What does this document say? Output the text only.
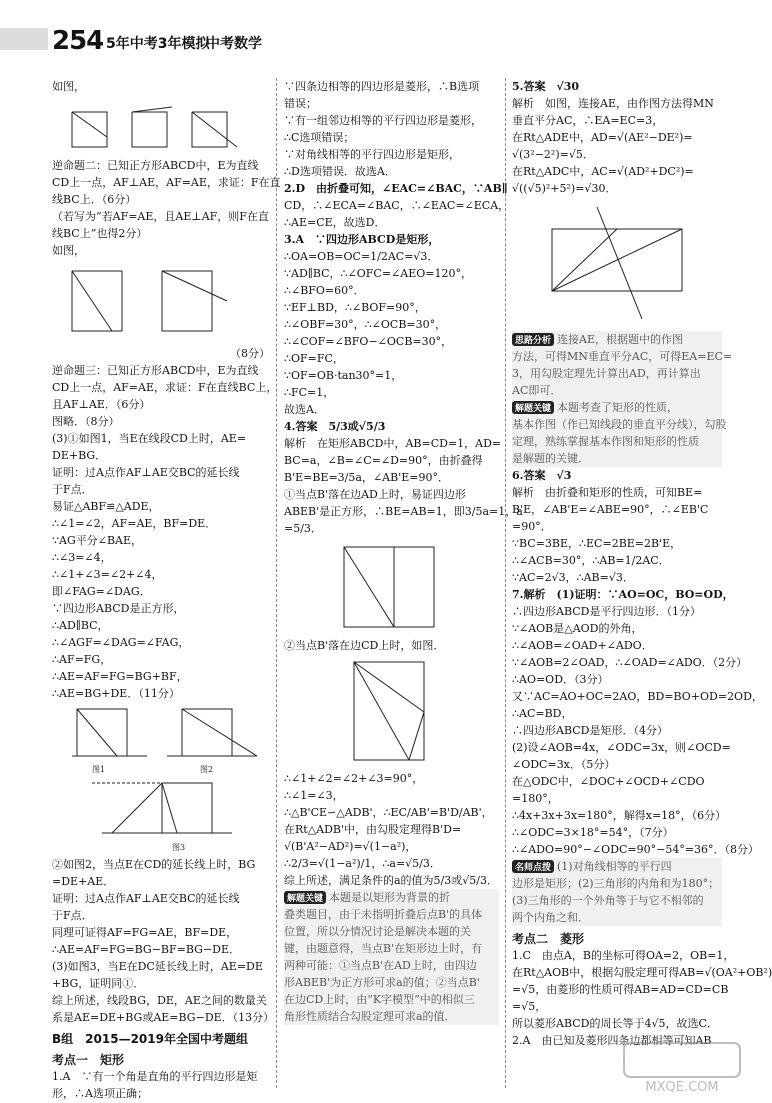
254 5年中考3年模拟
中考数学
如图，
逆命题二：已知正方形ABCD中，E为直线
CD上一点，AF⊥AE，AF=AE，求证：F在直
线BC上．（6分）
（若写为“若AF=AE，且AE⊥AF，则F在直
线BC上”也得2分）
如图，
（8分）
逆命题三：已知正方形ABCD中，E为直线
CD上一点，AF=AE，求证：F在直线BC上，
且AF⊥AE．（6分）
图略．（8分）
(3)①如图1，当E在线段CD上时，AE=
DE+BG．
证明：过A点作AF⊥AE交BC的延长线
于F点．
易证△ABF≌△ADE，
∴∠1=∠2，AF=AE，BF=DE．
∵AG平分∠BAE，
∴∠3=∠4，
∴∠1+∠3=∠2+∠4，
即∠FAG=∠DAG．
∵四边形ABCD是正方形，
∴AD∥BC，
∴∠AGF=∠DAG=∠FAG，
∴AF=FG，
∴AE=AF=FG=BG+BF，
∴AE=BG+DE．（11分）
图1	图2
图3
②如图2，当点E在CD的延长线上时，BG
=DE+AE．
证明：过A点作AF⊥AE交BC的延长线
于F点．
同理可证得AF=FG=AE，BF=DE，
∴AE=AF=FG=BG−BF=BG−DE．
(3)如图3，当E在DC延长线上时，AE=DE
+BG，证明同①．
综上所述，线段BG，DE，AE之间的数量关
系是AE=DE+BG或AE=BG−DE．（13分）
B组　 2015—2019年全国中考题组
考点一　 矩形
1.A　∵有一个角是直角的平行四边形是矩
形，∴A选项正确；
∵四条边相等的四边形是菱形，∴B选项
错误；
∵有一组邻边相等的平行四边形是菱形，
∴C选项错误；
∵对角线相等的平行四边形是矩形，
∴D选项错误．故选A．
2.D　由折叠可知，∠EAC=∠BAC，∵AB∥
CD，∴∠ECA=∠BAC，∴∠EAC=∠ECA，
∴AE=CE，故选D．
3.A　∵四边形ABCD是矩形，
∴OA=OB=OC=1/2AC=√3．
∵AD∥BC，∴∠OFC=∠AEO=120°，
∴∠BFO=60°．
∵EF⊥BD，∴∠BOF=90°，
∴∠OBF=30°，∴∠OCB=30°，
∴∠COF=∠BFO−∠OCB=30°，
∴OF=FC，
∵OF=OB·tan30°=1，
∴FC=1，
故选A．
4.答案　5/3或√5/3
解析　在矩形ABCD中，AB=CD=1，AD=
BC=a，∠B=∠C=∠D=90°，由折叠得
B'E=BE=3/5a，∠AB'E=90°．
①当点B'落在边AD上时，易证四边形
ABEB'是正方形，∴BE=AB=1，即3/5a=1，a
=5/3．
②当点B'落在边CD上时，如图．
∴∠1+∠2=∠2+∠3=90°，
∴∠1=∠3，
∴△B'CE∽△ADB'，∴EC/AB'=B'D/AB'，
在Rt△ADB'中，由勾股定理得B'D=
√(B'A²−AD²)=√(1−a²)，
∴2/3=√(1−a²)/1，∴a=√5/3．
综上所述，满足条件的a的值为5/3或√5/3．
解题关键 本题是以矩形为背景的折
叠类题目，由于未指明折叠后点B'的具体
位置，所以分情况讨论是解决本题的关
键，由题意得，当点B'在矩形边上时，有
两种可能：①当点B'在AD上时，由四边
形ABEB'为正方形可求a的值；②当点B'
在边CD上时，由“K字模型”中的相似三
角形性质结合勾股定理可求a的值．
5.答案　√30
解析　如图，连接AE，由作图方法得MN
垂直平分AC，∴EA=EC=3，
在Rt△ADE中，AD=√(AE²−DE²)=
√(3²−2²)=√5．
在Rt△ADC中，AC=√(AD²+DC²)=
√((√5)²+5²)=√30．
思路分析 连接AE，根据题中的作图
方法，可得MN垂直平分AC，可得EA=EC=
3，用勾股定理先计算出AD，再计算出
AC即可．
解题关键 本题考查了矩形的性质，
基本作图（作已知线段的垂直平分线），勾股
定理，熟练掌握基本作图和矩形的性质
是解题的关键．
6.答案　√3
解析　由折叠和矩形的性质，可知BE=
B'E，∠AB'E=∠ABE=90°，∴∠EB'C
=90°．
∵BC=3BE，∴EC=2BE=2B'E，
∴∠ACB=30°，∴AB=1/2AC．
∵AC=2√3，∴AB=√3．
7.解析　(1)证明：∵AO=OC，BO=OD，
∴四边形ABCD是平行四边形．（1分）
∵∠AOB是△AOD的外角，
∴∠AOB=∠OAD+∠ADO．
∵∠AOB=2∠OAD，∴∠OAD=∠ADO．（2分）
∴AO=OD．（3分）
又∵AC=AO+OC=2AO，BD=BO+OD=2OD，
∴AC=BD，
∴四边形ABCD是矩形．（4分）
(2)设∠AOB=4x，∠ODC=3x，则∠OCD=
∠ODC=3x．（5分）
在△ODC中，∠DOC+∠OCD+∠CDO
=180°，
∴4x+3x+3x=180°，解得x=18°，（6分）
∴∠ODC=3×18°=54°，（7分）
∴∠ADO=90°−∠ODC=90°−54°=36°．（8分）
名师点拨 (1)对角线相等的平行四
边形是矩形；(2)三角形的内角和为180°；
(3)三角形的一个外角等于与它不相邻的
两个内角之和．
考点二　 菱形
1.C　由点A，B的坐标可得OA=2，OB=1，
在Rt△AOB中，根据勾股定理可得AB=√(OA²+OB²)
=√5，由菱形的性质可得AB=AD=CD=CB
=√5，
所以菱形ABCD的周长等于4√5，故选C．
2.A　由已知及菱形四条边都相等可知AB
MXQE.COM
